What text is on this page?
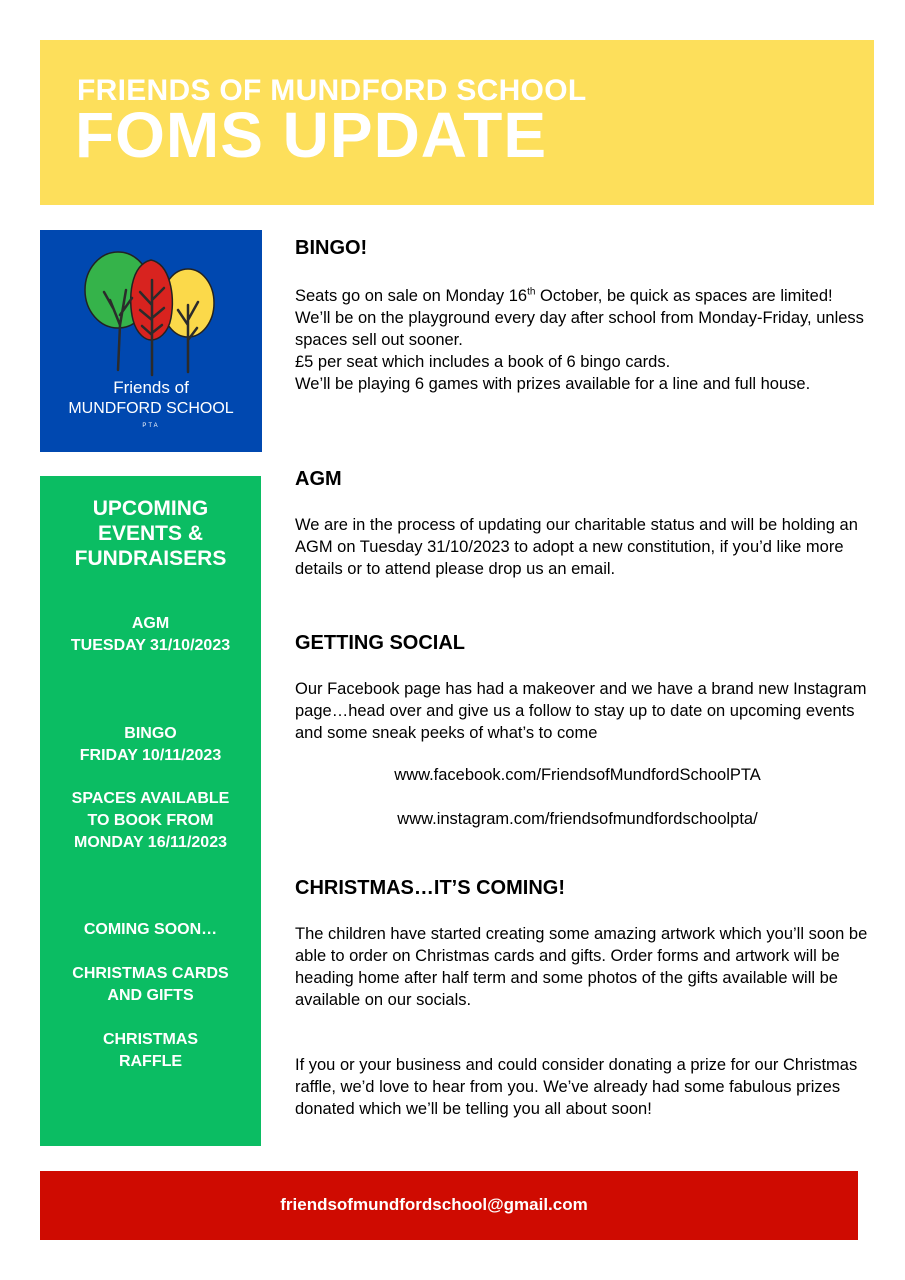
FRIENDS OF MUNDFORD SCHOOL
FOMS UPDATE
Friends of
MUNDFORD SCHOOL
PTA
UPCOMING
EVENTS &
FUNDRAISERS
AGM
TUESDAY 31/10/2023
BINGO
FRIDAY 10/11/2023
SPACES AVAILABLE
TO BOOK FROM
MONDAY 16/11/2023
COMING SOON…
CHRISTMAS CARDS
AND GIFTS
CHRISTMAS
RAFFLE
BINGO!
Seats go on sale on Monday 16th October, be quick as spaces are limited!
We’ll be on the playground every day after school from Monday-Friday, unless spaces sell out sooner.
£5 per seat which includes a book of 6 bingo cards.
We’ll be playing 6 games with prizes available for a line and full house.
AGM

We are in the process of updating our charitable status and will be holding an AGM on Tuesday 31/10/2023 to adopt a new constitution, if you’d like more details or to attend please drop us an email.

GETTING SOCIAL

Our Facebook page has had a makeover and we have a brand new Instagram page…head over and give us a follow to stay up to date on upcoming events and some sneak peeks of what’s to come

www.facebook.com/FriendsofMundfordSchoolPTA
www.instagram.com/friendsofmundfordschoolpta/
CHRISTMAS…IT’S COMING!

The children have started creating some amazing artwork which you’ll soon be able to order on Christmas cards and gifts. Order forms and artwork will be heading home after half term and some photos of the gifts available will be available on our socials.

If you or your business and could consider donating a prize for our Christmas raffle, we’d love to hear from you. We’ve already had some fabulous prizes donated which we’ll be telling you all about soon!

friendsofmundfordschool@gmail.com
